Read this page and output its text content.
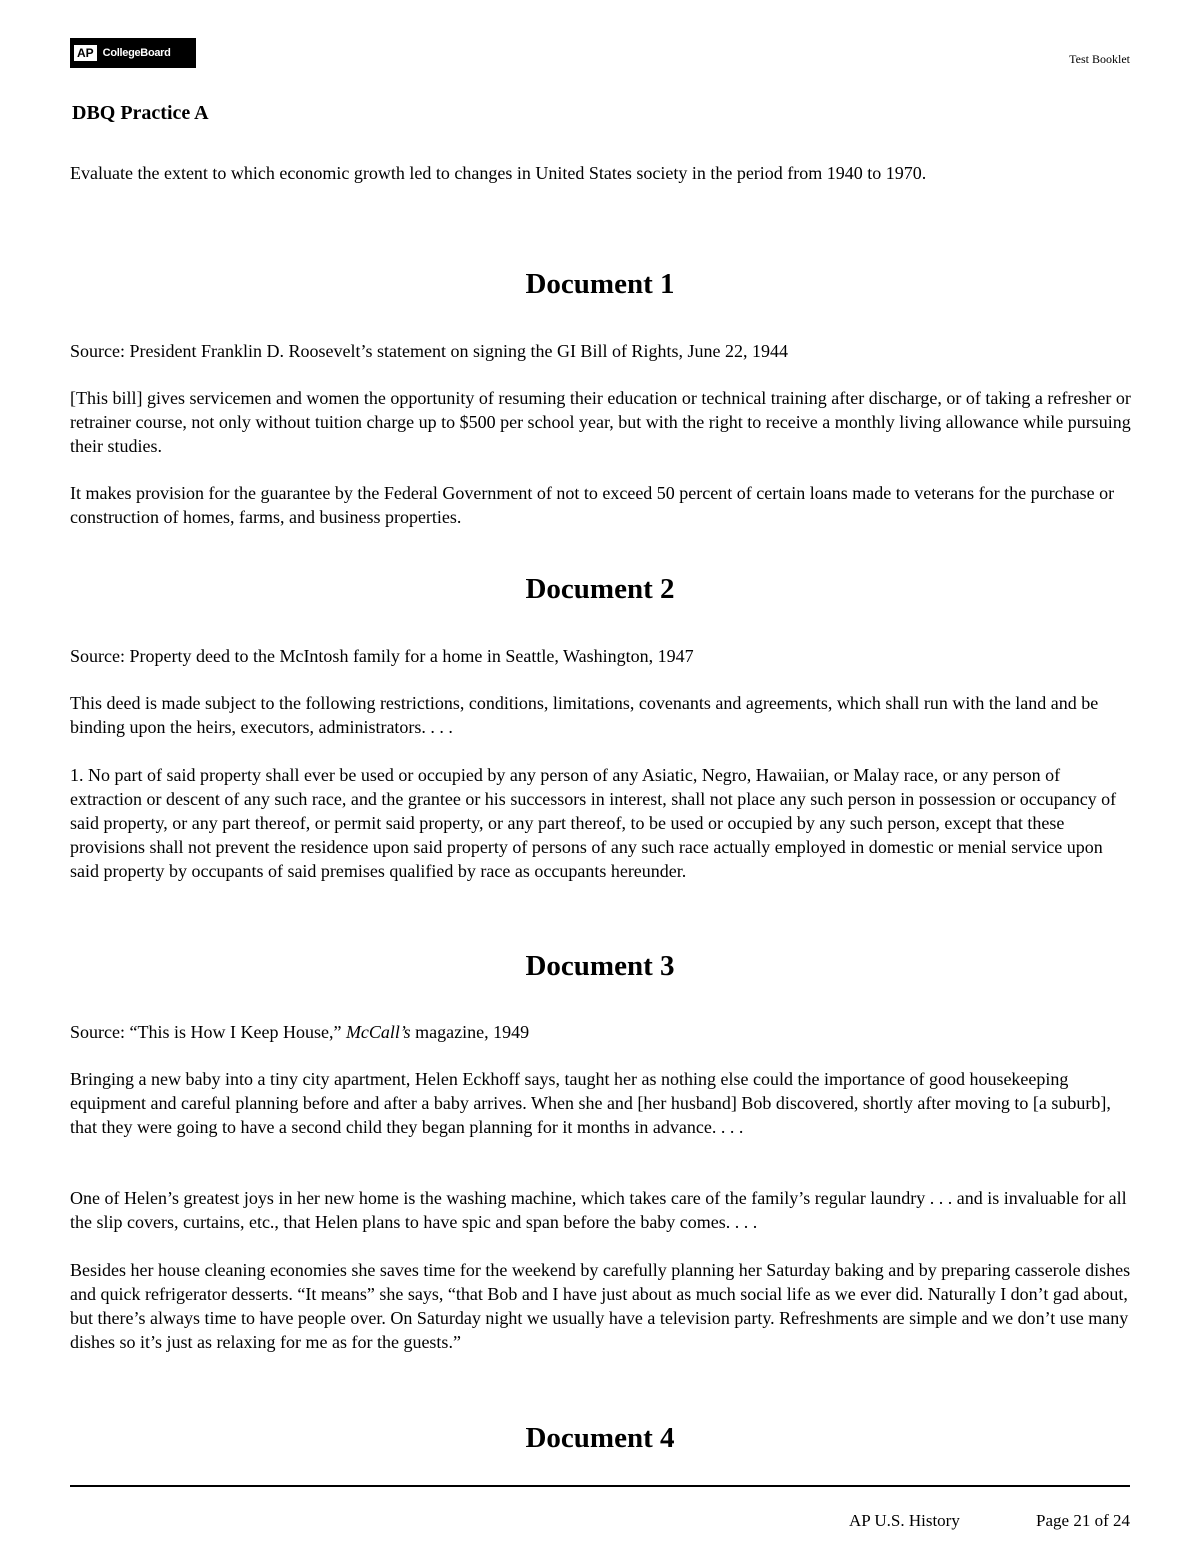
AP CollegeBoard	Test Booklet
DBQ Practice A
Evaluate the extent to which economic growth led to changes in United States society in the period from 1940 to 1970.
Document 1

Source: President Franklin D. Roosevelt’s statement on signing the GI Bill of Rights, June 22, 1944

[This bill] gives servicemen and women the opportunity of resuming their education or technical training after discharge, or of taking a refresher or retrainer course, not only without tuition charge up to $500 per school year, but with the right to receive a monthly living allowance while pursuing their studies.

It makes provision for the guarantee by the Federal Government of not to exceed 50 percent of certain loans made to veterans for the purchase or construction of homes, farms, and business properties.

Document 2

Source: Property deed to the McIntosh family for a home in Seattle, Washington, 1947

This deed is made subject to the following restrictions, conditions, limitations, covenants and agreements, which shall run with the land and be binding upon the heirs, executors, administrators. . . .

1. No part of said property shall ever be used or occupied by any person of any Asiatic, Negro, Hawaiian, or Malay race, or any person of extraction or descent of any such race, and the grantee or his successors in interest, shall not place any such person in possession or occupancy of said property, or any part thereof, or permit said property, or any part thereof, to be used or occupied by any such person, except that these provisions shall not prevent the residence upon said property of persons of any such race actually employed in domestic or menial service upon said property by occupants of said premises qualified by race as occupants hereunder.

Document 3

Source: “This is How I Keep House,” McCall’s magazine, 1949

Bringing a new baby into a tiny city apartment, Helen Eckhoff says, taught her as nothing else could the importance of good housekeeping equipment and careful planning before and after a baby arrives. When she and [her husband] Bob discovered, shortly after moving to [a suburb], that they were going to have a second child they began planning for it months in advance. . . .

One of Helen’s greatest joys in her new home is the washing machine, which takes care of the family’s regular laundry . . . and is invaluable for all the slip covers, curtains, etc., that Helen plans to have spic and span before the baby comes. . . .

Besides her house cleaning economies she saves time for the weekend by carefully planning her Saturday baking and by preparing casserole dishes and quick refrigerator desserts. “It means” she says, “that Bob and I have just about as much social life as we ever did. Naturally I don’t gad about, but there’s always time to have people over. On Saturday night we usually have a television party. Refreshments are simple and we don’t use many dishes so it’s just as relaxing for me as for the guests.”

Document 4
AP U.S. History	Page 21 of 24
